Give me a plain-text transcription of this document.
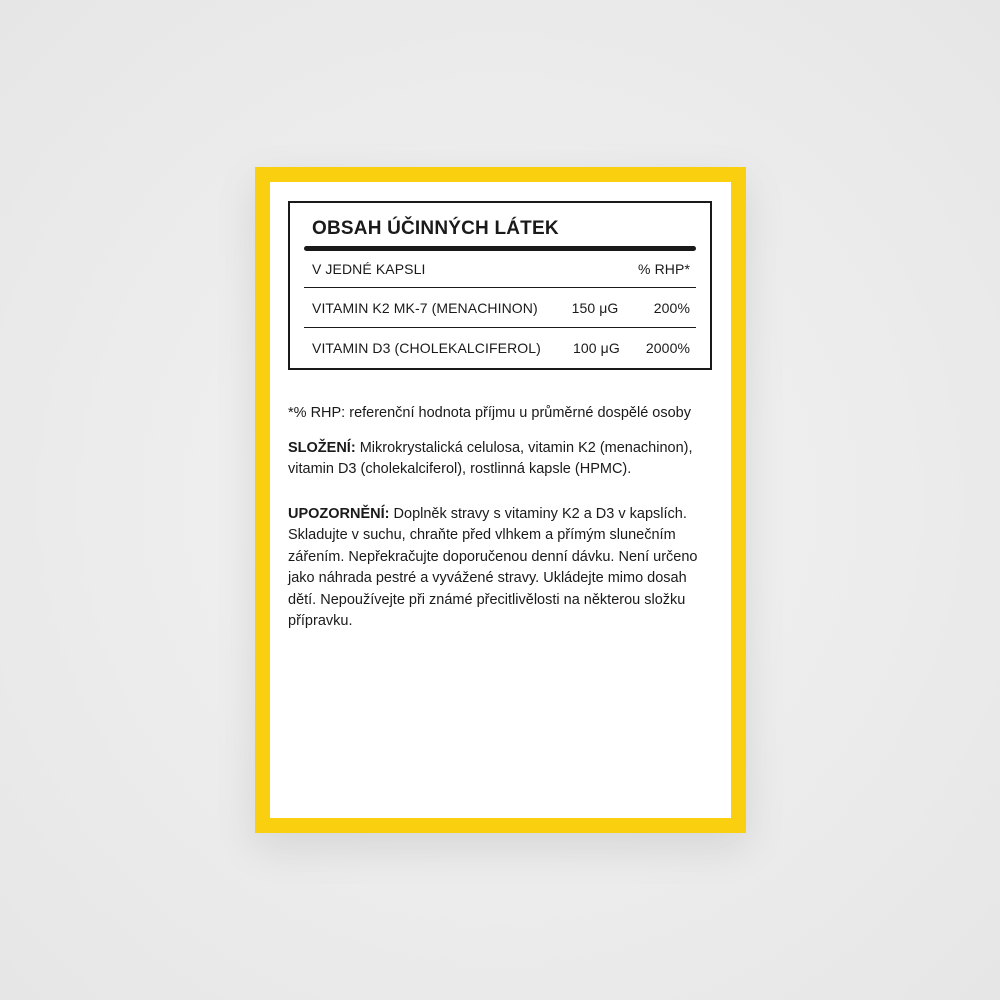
OBSAH ÚČINNÝCH LÁTEK
V JEDNÉ KAPSLI	% RHP*
VITAMIN K2 MK-7 (MENACHINON)	150 μG	200%
VITAMIN D3 (CHOLEKALCIFEROL)	100 μG	2000%

*% RHP: referenční hodnota příjmu u průměrné dospělé osoby

SLOŽENÍ: Mikrokrystalická celulosa, vitamin K2 (menachinon), vitamin D3 (cholekalciferol), rostlinná kapsle (HPMC).

UPOZORNĚNÍ: Doplněk stravy s vitaminy K2 a D3 v kapslích. Skladujte v suchu, chraňte před vlhkem a přímým slunečním zářením. Nepřekračujte doporučenou denní dávku. Není určeno jako náhrada pestré a vyvážené stravy. Ukládejte mimo dosah dětí. Nepoužívejte při známé přecitlivělosti na některou složku přípravku.
